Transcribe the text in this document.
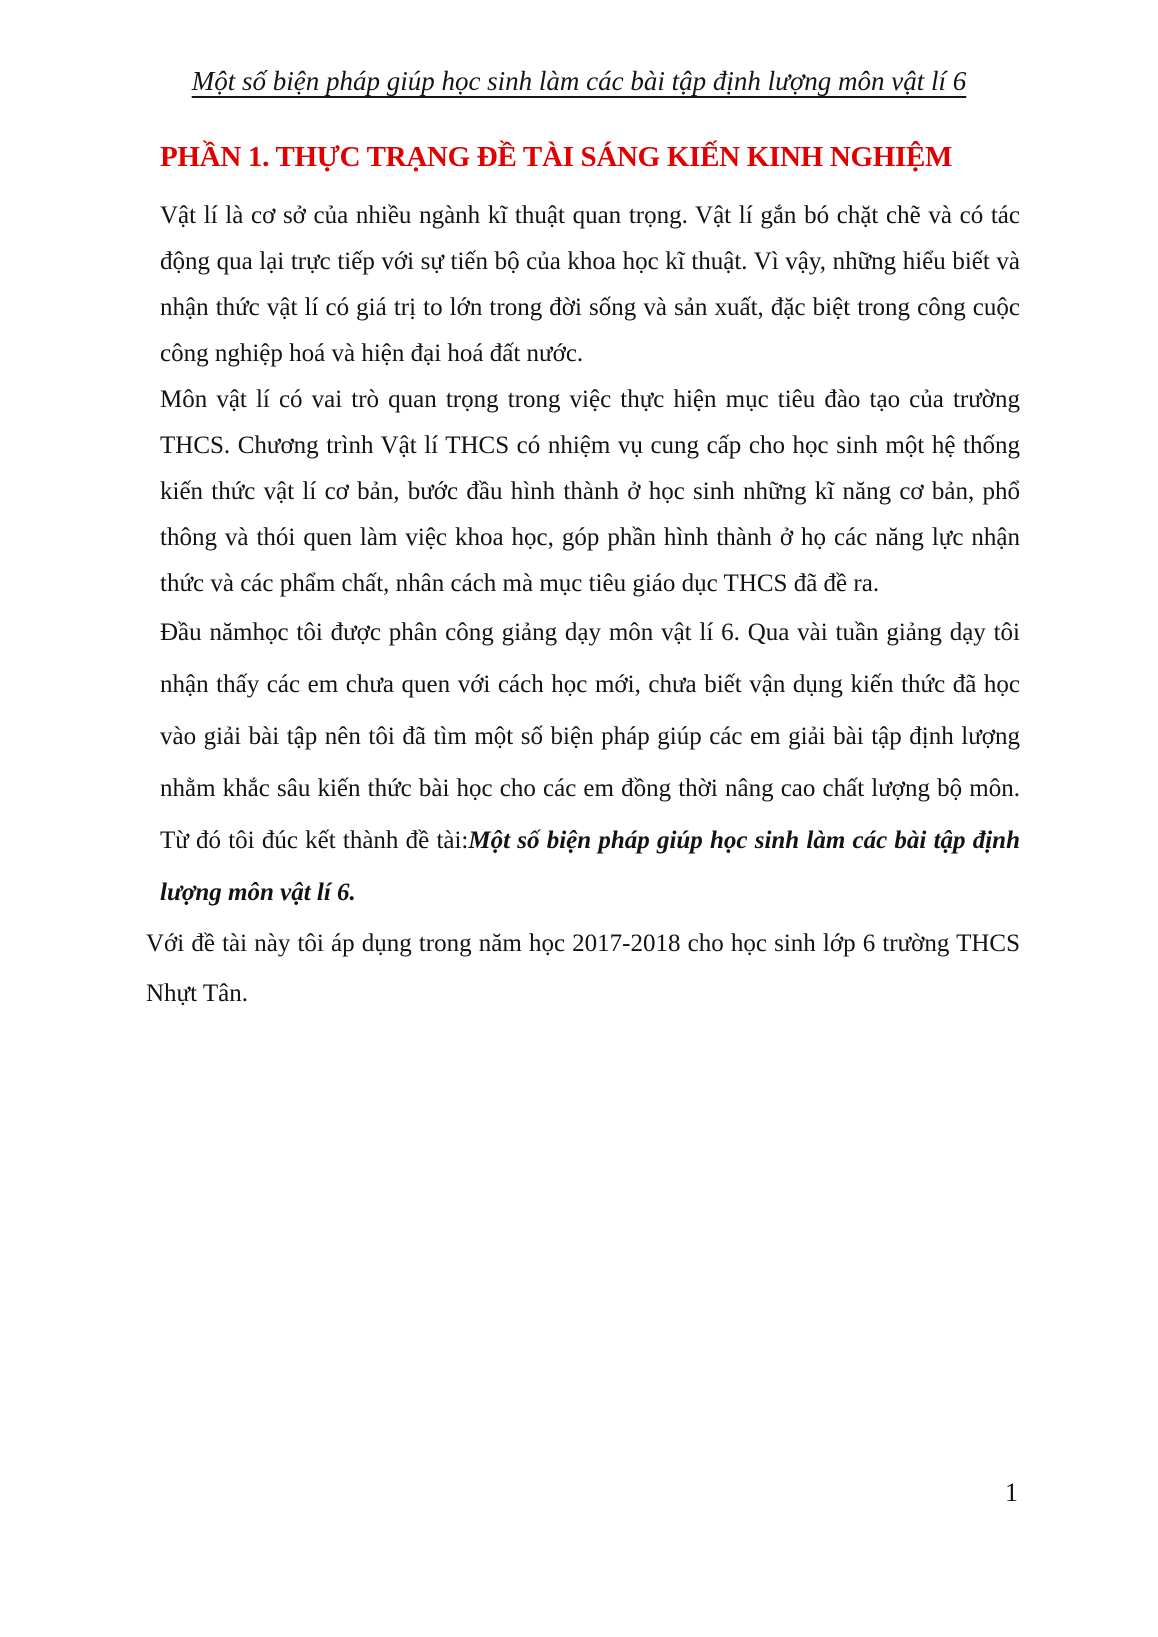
Một số biện pháp giúp học sinh làm các bài tập định lượng môn vật lí 6
PHẦN 1. THỰC TRẠNG ĐỀ TÀI SÁNG KIẾN KINH NGHIỆM

Vật lí là cơ sở của nhiều ngành kĩ thuật quan trọng. Vật lí gắn bó chặt chẽ và có tác động qua lại trực tiếp với sự tiến bộ của khoa học kĩ thuật. Vì vậy, những hiểu biết và nhận thức vật lí có giá trị to lớn trong đời sống và sản xuất, đặc biệt trong công cuộc công nghiệp hoá và hiện đại hoá đất nước.

Môn vật lí có vai trò quan trọng trong việc thực hiện mục tiêu đào tạo của trường THCS. Chương trình Vật lí THCS có nhiệm vụ cung cấp cho học sinh một hệ thống kiến thức vật lí cơ bản, bước đầu hình thành ở học sinh những kĩ năng cơ bản, phổ thông và thói quen làm việc khoa học, góp phần hình thành ở họ các năng lực nhận thức và các phẩm chất, nhân cách mà mục tiêu giáo dục THCS đã đề ra.

Đầu nămhọc tôi được phân công giảng dạy môn vật lí 6. Qua vài tuần giảng dạy tôi nhận thấy các em chưa quen với cách học mới, chưa biết vận dụng kiến thức đã học vào giải bài tập nên tôi đã tìm một số biện pháp giúp các em giải bài tập định lượng nhằm khắc sâu kiến thức bài học cho các em đồng thời nâng cao chất lượng bộ môn. Từ đó tôi đúc kết thành đề tài:Một số biện pháp giúp học sinh làm các bài tập định lượng môn vật lí 6.

Với đề tài này tôi áp dụng trong năm học 2017-2018 cho học sinh lớp 6 trường THCS Nhựt Tân.

1
